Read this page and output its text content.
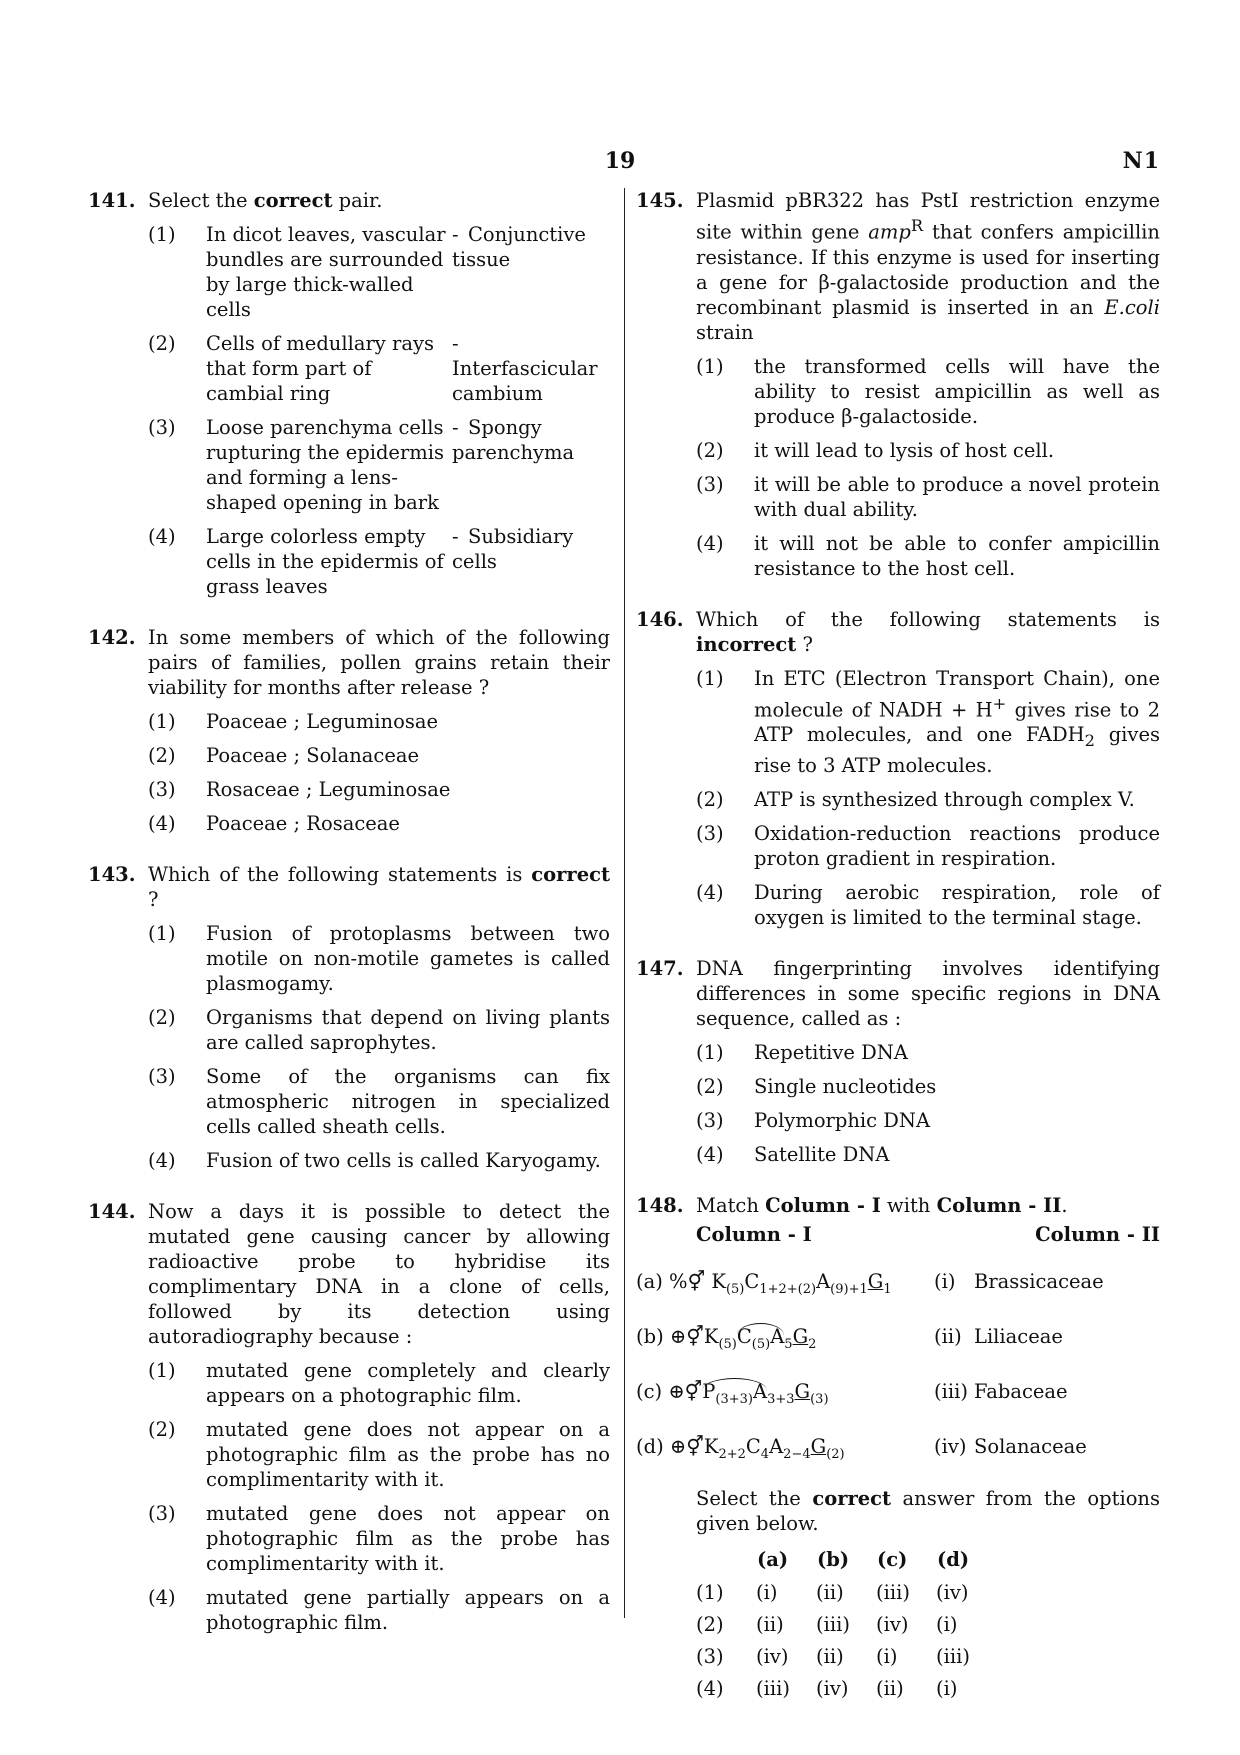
19	N1
141. Select the correct pair.
(1) In dicot leaves, vascular bundles are surrounded by large thick-walled cells
- Conjunctive tissue
(2) Cells of medullary rays that form part of cambial ring
-Interfascicular cambium
(3) Loose parenchyma cells rupturing the epidermis and forming a lens-shaped opening in bark
- Spongy parenchyma
(4) Large colorless empty cells in the epidermis of grass leaves
- Subsidiary cells
142. In some members of which of the following pairs of families, pollen grains retain their viability for months after release ?
(1) Poaceae ; Leguminosae
(2) Poaceae ; Solanaceae
(3) Rosaceae ; Leguminosae
(4) Poaceae ; Rosaceae
143. Which of the following statements is correct ?
(1) Fusion of protoplasms between two motile on non-motile gametes is called plasmogamy.
(2) Organisms that depend on living plants are called saprophytes.
(3) Some of the organisms can fix atmospheric nitrogen in specialized cells called sheath cells.
(4) Fusion of two cells is called Karyogamy.
144. Now a days it is possible to detect the mutated gene causing cancer by allowing radioactive probe to hybridise its complimentary DNA in a clone of cells, followed by its detection using autoradiography because :
(1) mutated gene completely and clearly appears on a photographic film.
(2) mutated gene does not appear on a photographic film as the probe has no complimentarity with it.
(3) mutated gene does not appear on photographic film as the probe has complimentarity with it.
(4) mutated gene partially appears on a photographic film.
145. Plasmid pBR322 has PstI restriction enzyme site within gene amp$^R$ that confers ampicillin resistance. If this enzyme is used for inserting a gene for β-galactoside production and the recombinant plasmid is inserted in an E.coli strain
(1) the transformed cells will have the ability to resist ampicillin as well as produce β-galactoside.
(2) it will lead to lysis of host cell.
(3) it will be able to produce a novel protein with dual ability.
(4) it will not be able to confer ampicillin resistance to the host cell.
146. Which of the following statements is incorrect ?
(1) In ETC (Electron Transport Chain), one molecule of NADH + H+ gives rise to 2 ATP molecules, and one $FADH_2$ gives rise to 3 ATP molecules.
(2) ATP is synthesized through complex V.
(3) Oxidation-reduction reactions produce proton gradient in respiration.
(4) During aerobic respiration, role of oxygen is limited to the terminal stage.
147. DNA fingerprinting involves identifying differences in some specific regions in DNA sequence, called as :
(1) Repetitive DNA
(2) Single nucleotides
(3) Polymorphic DNA
(4) Satellite DNA
148. Match Column - I with Column - II.
Column - I	Column - II
(a) %⚥ $K_{(5)}C_{1+2+(2)}A_{(9)+1}G_1$	(i) Brassicaceae
(b) $\oplus⚥K_{(5)}C_{(5)}A_5G_2$	(ii) Liliaceae
(c) $\oplus⚥P_{(3+3)}A_{3+3}G_{(3)}$	(iii) Fabaceae
(d) $\oplus⚥K_{2+2}C_4A_{2-4}G_{(2)}$	(iv) Solanaceae
Select the correct answer from the options given below.
	(a)	(b)	(c)	(d)
(1)	(i)	(ii)	(iii)	(iv)
(2)	(ii)	(iii)	(iv)	(i)
(3)	(iv)	(ii)	(i)	(iii)
(4)	(iii)	(iv)	(ii)	(i)
